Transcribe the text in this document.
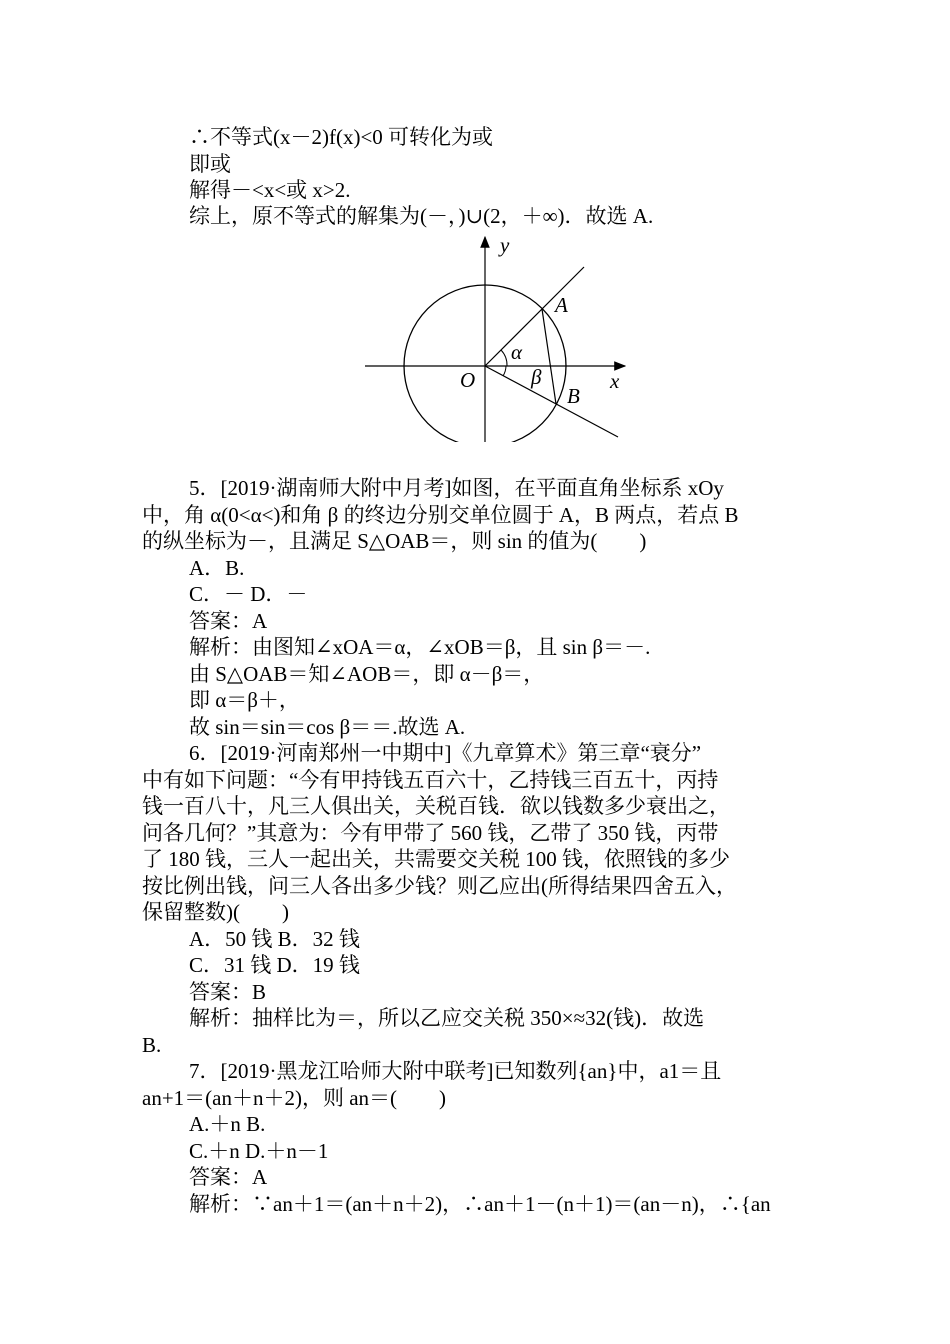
∴不等式(x－2)f(x)<0 可转化为或
即或
解得－<x<或 x>2.
综上，原不等式的解集为(－，)∪(2，＋∞)．故选 A.
y
x
O
A
B
α
β
5．[2019·湖南师大附中月考]如图，在平面直角坐标系 xOy
中，角 α(0<α<)和角 β 的终边分别交单位圆于 A，B 两点，若点 B
的纵坐标为－，且满足 S△OAB＝，则 sin 的值为(　　)
A．B.
C．－ D．－
答案：A
解析：由图知∠xOA＝α，∠xOB＝β，且 sin β＝－.
由 S△OAB＝知∠AOB＝，即 α－β＝，
即 α＝β＋，
故 sin＝sin＝cos β＝＝.故选 A.
6．[2019·河南郑州一中期中]《九章算术》第三章“衰分”
中有如下问题：“今有甲持钱五百六十，乙持钱三百五十，丙持
钱一百八十，凡三人俱出关，关税百钱．欲以钱数多少衰出之，
问各几何？”其意为：今有甲带了 560 钱，乙带了 350 钱，丙带
了 180 钱，三人一起出关，共需要交关税 100 钱，依照钱的多少
按比例出钱，问三人各出多少钱？则乙应出(所得结果四舍五入，
保留整数)(　　)
A．50 钱 B．32 钱
C．31 钱 D．19 钱
答案：B
解析：抽样比为＝，所以乙应交关税 350×≈32(钱)．故选
B.
7．[2019·黑龙江哈师大附中联考]已知数列{an}中，a1＝且
an+1＝(an＋n＋2)，则 an＝(　　)
A.＋n B.
C.＋n D.＋n－1
答案：A
解析：∵an＋1＝(an＋n＋2)，∴an＋1－(n＋1)＝(an－n)，∴{an
